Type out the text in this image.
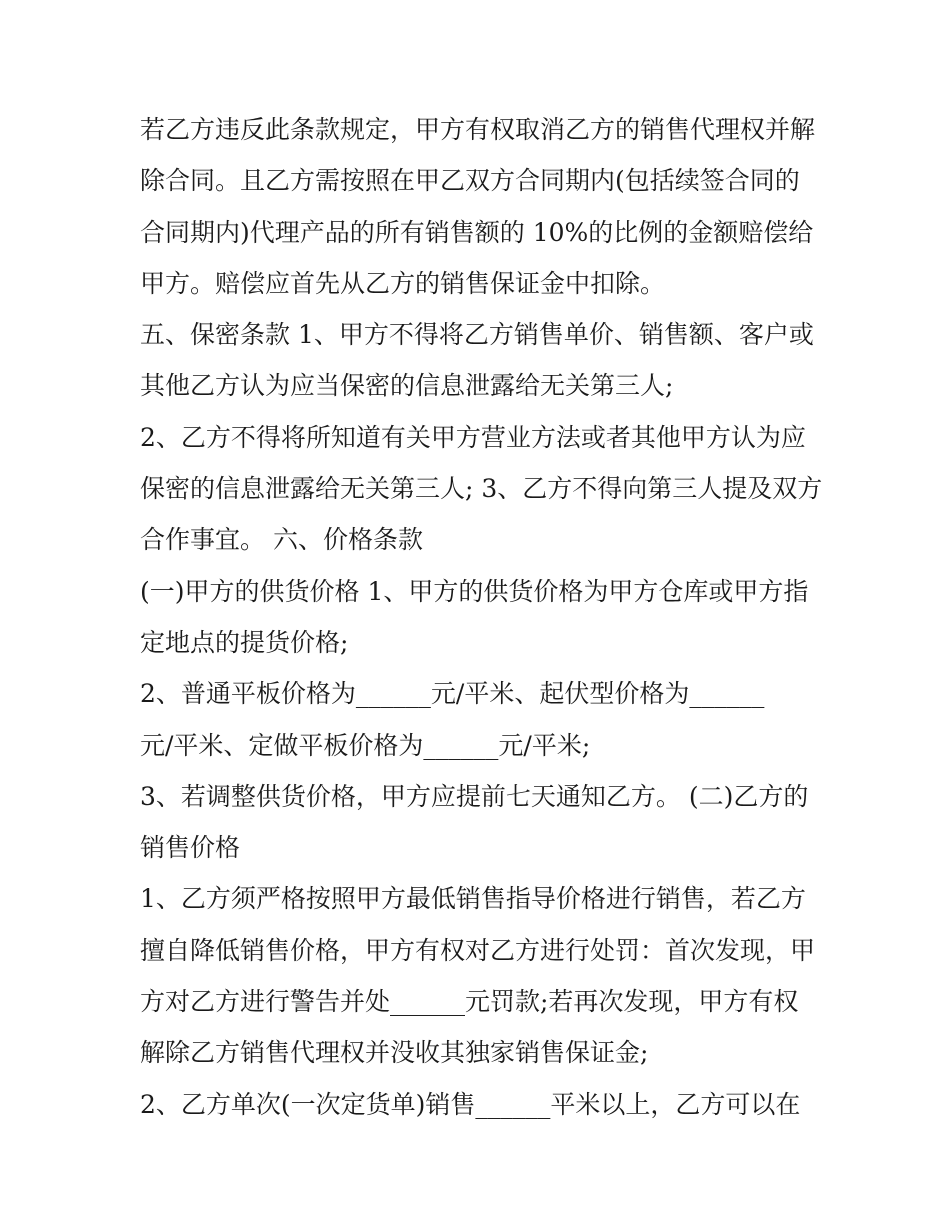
若乙方违反此条款规定，甲方有权取消乙方的销售代理权并解
除合同。且乙方需按照在甲乙双方合同期内(包括续签合同的
合同期内)代理产品的所有销售额的 10%的比例的金额赔偿给
甲方。赔偿应首先从乙方的销售保证金中扣除。
五、保密条款 1、甲方不得将乙方销售单价、销售额、客户或
其他乙方认为应当保密的信息泄露给无关第三人;
2、乙方不得将所知道有关甲方营业方法或者其他甲方认为应
保密的信息泄露给无关第三人; 3、乙方不得向第三人提及双方
合作事宜。 六、价格条款
(一)甲方的供货价格 1、甲方的供货价格为甲方仓库或甲方指
定地点的提货价格;
2、普通平板价格为______元/平米、起伏型价格为______
元/平米、定做平板价格为______元/平米;
3、若调整供货价格，甲方应提前七天通知乙方。 (二)乙方的
销售价格
1、乙方须严格按照甲方最低销售指导价格进行销售，若乙方
擅自降低销售价格，甲方有权对乙方进行处罚：首次发现，甲
方对乙方进行警告并处______元罚款;若再次发现，甲方有权
解除乙方销售代理权并没收其独家销售保证金;
2、乙方单次(一次定货单)销售______平米以上，乙方可以在
